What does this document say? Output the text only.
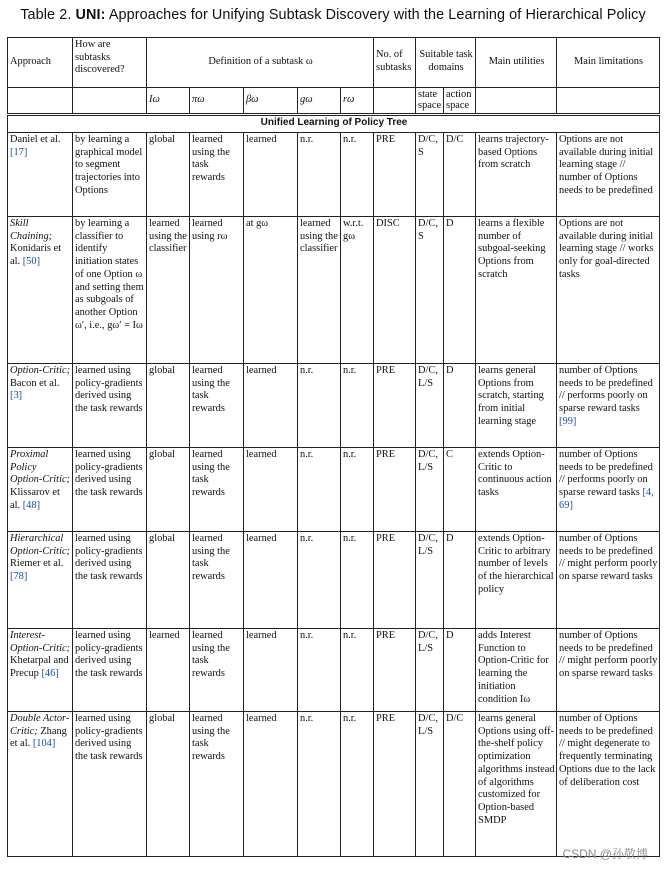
Table 2. UNI: Approaches for Unifying Subtask Discovery with the Learning of Hierarchical Policy
Approach	How are subtasks discovered?	Definition of a subtask ω					No. of subtasks	Suitable task domains		Main utilities	Main limitations
		Iω	πω	βω	gω	rω		state space	action space		
Unified Learning of Policy Tree											
Daniel et al. [17]	by learning a graphical model to segment trajectories into Options	global	learned using the task rewards	learned	n.r.	n.r.	PRE	D/C, S	D/C	learns trajectory-based Options from scratch	Options are not available during initial learning stage // number of Options needs to be predefined
Skill Chaining; Konidaris et al. [50]	by learning a classifier to identify initiation states of one Option ω and setting them as subgoals of another Option ω′, i.e., gω′ = Iω	learned using the classifier	learned using rω	at gω	learned using the classifier	w.r.t. gω	DISC	D/C, S	D	learns a flexible number of subgoal-seeking Options from scratch	Options are not available during initial learning stage // works only for goal-directed tasks
Option-Critic; Bacon et al. [3]	learned using policy-gradients derived using the task rewards	global	learned using the task rewards	learned	n.r.	n.r.	PRE	D/C, L/S	D	learns general Options from scratch, starting from initial learning stage	number of Options needs to be predefined // performs poorly on sparse reward tasks [99]
Proximal Policy Option-Critic; Klissarov et al. [48]	learned using policy-gradients derived using the task rewards	global	learned using the task rewards	learned	n.r.	n.r.	PRE	D/C, L/S	C	extends Option-Critic to continuous action tasks	number of Options needs to be predefined // performs poorly on sparse reward tasks [4, 69]
Hierarchical Option-Critic; Riemer et al. [78]	learned using policy-gradients derived using the task rewards	global	learned using the task rewards	learned	n.r.	n.r.	PRE	D/C, L/S	D	extends Option-Critic to arbitrary number of levels of the hierarchical policy	number of Options needs to be predefined // might perform poorly on sparse reward tasks
Interest-Option-Critic; Khetarpal and Precup [46]	learned using policy-gradients derived using the task rewards	learned	learned using the task rewards	learned	n.r.	n.r.	PRE	D/C, L/S	D	adds Interest Function to Option-Critic for learning the initiation condition Iω	number of Options needs to be predefined // might perform poorly on sparse reward tasks
Double Actor-Critic; Zhang et al. [104]	learned using policy-gradients derived using the task rewards	global	learned using the task rewards	learned	n.r.	n.r.	PRE	D/C, L/S	D/C	learns general Options using off-the-shelf policy optimization algorithms instead of algorithms customized for Option-based SMDP	number of Options needs to be predefined // might degenerate to frequently terminating Options due to the lack of deliberation cost
CSDN @孙敬博
